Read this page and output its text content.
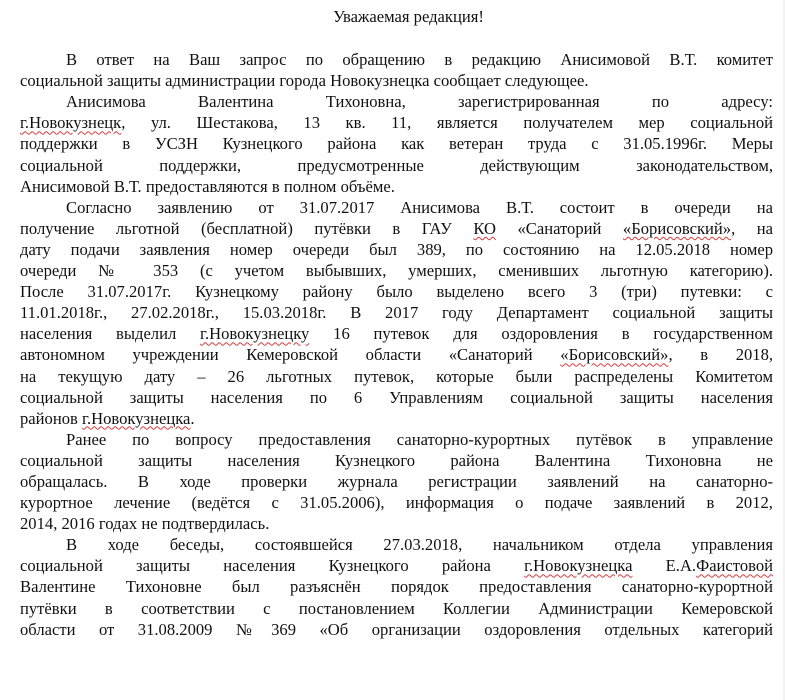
Уважаемая редакция!

В ответ на Ваш запрос по обращению в редакцию Анисимовой В.Т. комитет
социальной защиты администрации города Новокузнецка сообщает следующее.

Анисимова	Валентина	Тихоновна,	зарегистрированная	по	адресу:
г.Новокузнецк, ул. Шестакова, 13 кв. 11, является получателем мер социальной
поддержки в УСЗН Кузнецкого района как ветеран труда с 31.05.1996г. Меры
социальной	поддержки,	предусмотренные	действующим	законодательством,
Анисимовой В.Т. предоставляются в полном объёме.

Согласно заявлению от 31.07.2017 Анисимова В.Т. состоит в очереди на
получение льготной (бесплатной) путёвки в ГАУ КО «Санаторий «Борисовский», на
дату подачи заявления номер очереди был 389, по состоянию на 12.05.2018 номер
очереди № 353 (с учетом выбывших, умерших, сменивших льготную категорию).
После 31.07.2017г. Кузнецкому району было выделено всего 3 (три) путевки: с
11.01.2018г., 27.02.2018г., 15.03.2018г. В 2017 году Департамент социальной защиты
населения выделил г.Новокузнецку 16 путевок для оздоровления в государственном
автономном учреждении Кемеровской области «Санаторий «Борисовский», в 2018,
на текущую дату – 26 льготных путевок, которые были распределены Комитетом
социальной защиты населения по 6 Управлениям социальной защиты населения
районов г.Новокузнецка.

Ранее по вопросу предоставления санаторно-курортных путёвок в управление
социальной защиты населения Кузнецкого района Валентина Тихоновна не
обращалась. В ходе проверки журнала регистрации заявлений на санаторно-
курортное лечение (ведётся с 31.05.2006), информация о подаче заявлений в 2012,
2014, 2016 годах не подтвердилась.

В ходе беседы, состоявшейся 27.03.2018, начальником отдела управления
социальной защиты населения Кузнецкого района г.Новокузнецка Е.А.Фаистовой
Валентине Тихоновне был разъяснён порядок предоставления санаторно-курортной
путёвки в соответствии с постановлением Коллегии Администрации Кемеровской
области от 31.08.2009 №369 «Об организации оздоровления отдельных категорий
